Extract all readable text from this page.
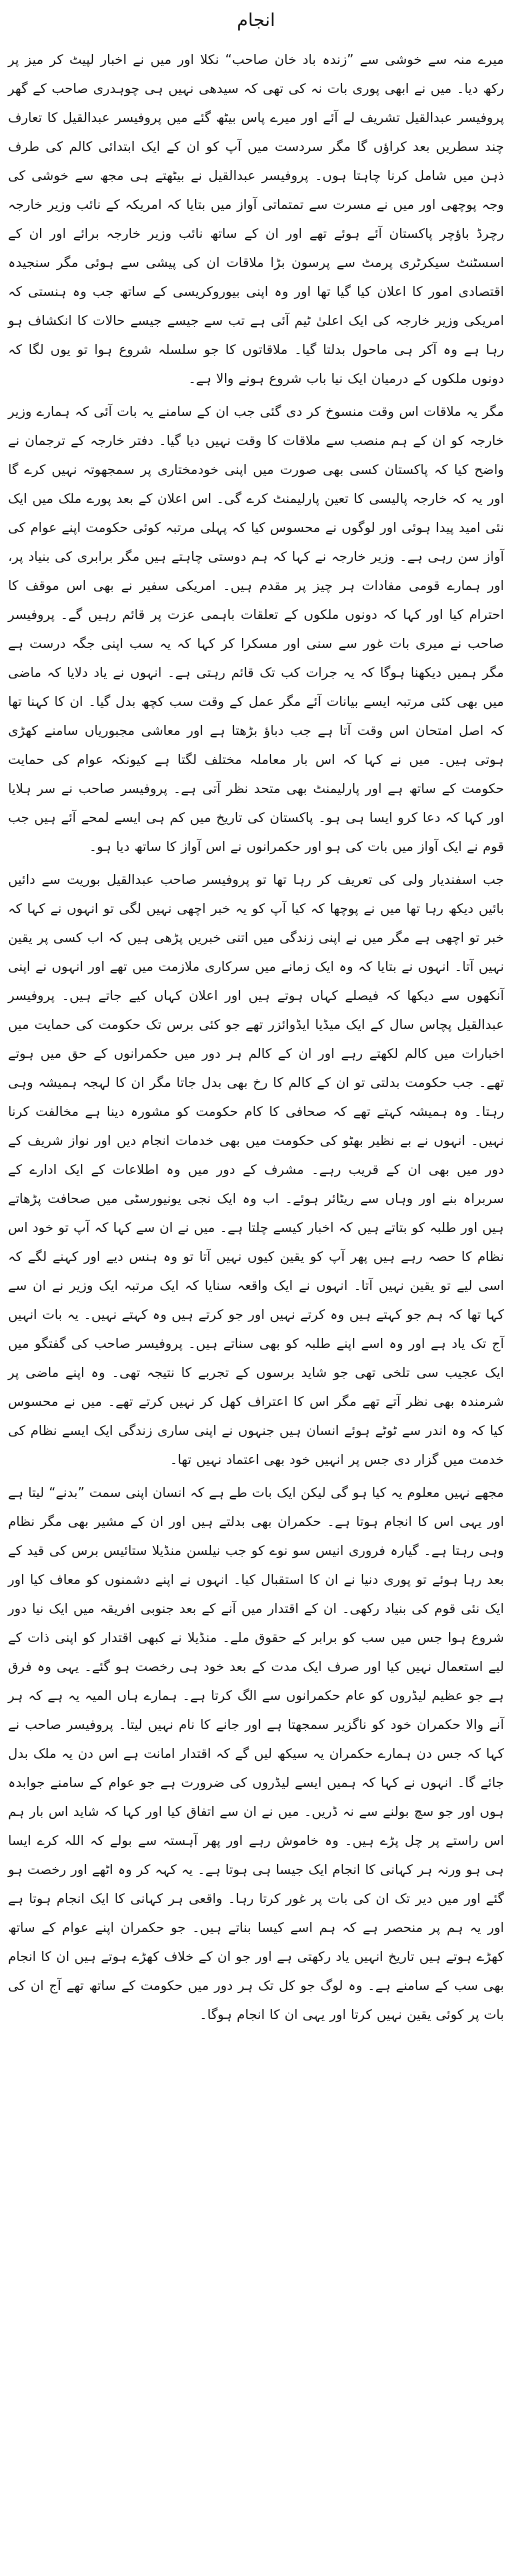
انجام

میرے منہ سے خوشی سے ”زندہ باد خان صاحب“ نکلا اور میں نے اخبار لپیٹ کر میز پر رکھ دیا۔ میں نے ابھی پوری بات نہ کی تھی کہ سیدھی نہیں ہی چوہدری صاحب کے گھر پروفیسر عبدالقیل تشریف لے آئے اور میرے پاس بیٹھ گئے میں پروفیسر عبدالقیل کا تعارف چند سطریں بعد کراؤں گا مگر سردست میں آپ کو ان کے ایک ابتدائی کالم کی طرف ذہن میں شامل کرنا چاہتا ہوں۔ پروفیسر عبدالقیل نے بیٹھتے ہی مجھ سے خوشی کی وجہ پوچھی اور میں نے مسرت سے تمتماتی آواز میں بتایا کہ امریکہ کے نائب وزیر خارجہ رچرڈ باؤچر پاکستان آئے ہوئے تھے اور ان کے ساتھ نائب وزیر خارجہ برائے اور ان کے اسسٹنٹ سیکرٹری پرمٹ سے پرسون بڑا ملاقات ان کی پیشی سے ہوئی مگر سنجیدہ اقتصادی امور کا اعلان کیا گیا تھا اور وہ اپنی بیوروکریسی کے ساتھ جب وہ ہنستی کہ امریکی وزیر خارجہ کی ایک اعلیٰ ٹیم آئی ہے تب سے جیسے جیسے حالات کا انکشاف ہو رہا ہے وہ آکر ہی ماحول بدلتا گیا۔ ملاقاتوں کا جو سلسلہ شروع ہوا تو یوں لگا کہ دونوں ملکوں کے درمیان ایک نیا باب شروع ہونے والا ہے۔

مگر یہ ملاقات اس وقت منسوخ کر دی گئی جب ان کے سامنے یہ بات آئی کہ ہمارے وزیر خارجہ کو ان کے ہم منصب سے ملاقات کا وقت نہیں دیا گیا۔ دفتر خارجہ کے ترجمان نے واضح کیا کہ پاکستان کسی بھی صورت میں اپنی خودمختاری پر سمجھوتہ نہیں کرے گا اور یہ کہ خارجہ پالیسی کا تعین پارلیمنٹ کرے گی۔ اس اعلان کے بعد پورے ملک میں ایک نئی امید پیدا ہوئی اور لوگوں نے محسوس کیا کہ پہلی مرتبہ کوئی حکومت اپنے عوام کی آواز سن رہی ہے۔ وزیر خارجہ نے کہا کہ ہم دوستی چاہتے ہیں مگر برابری کی بنیاد پر، اور ہمارے قومی مفادات ہر چیز پر مقدم ہیں۔ امریکی سفیر نے بھی اس موقف کا احترام کیا اور کہا کہ دونوں ملکوں کے تعلقات باہمی عزت پر قائم رہیں گے۔ پروفیسر صاحب نے میری بات غور سے سنی اور مسکرا کر کہا کہ یہ سب اپنی جگہ درست ہے مگر ہمیں دیکھنا ہوگا کہ یہ جرات کب تک قائم رہتی ہے۔ انہوں نے یاد دلایا کہ ماضی میں بھی کئی مرتبہ ایسے بیانات آئے مگر عمل کے وقت سب کچھ بدل گیا۔ ان کا کہنا تھا کہ اصل امتحان اس وقت آتا ہے جب دباؤ بڑھتا ہے اور معاشی مجبوریاں سامنے کھڑی ہوتی ہیں۔ میں نے کہا کہ اس بار معاملہ مختلف لگتا ہے کیونکہ عوام کی حمایت حکومت کے ساتھ ہے اور پارلیمنٹ بھی متحد نظر آتی ہے۔ پروفیسر صاحب نے سر ہلایا اور کہا کہ دعا کرو ایسا ہی ہو۔ پاکستان کی تاریخ میں کم ہی ایسے لمحے آئے ہیں جب قوم نے ایک آواز میں بات کی ہو اور حکمرانوں نے اس آواز کا ساتھ دیا ہو۔

جب اسفندیار ولی کی تعریف کر رہا تھا تو پروفیسر صاحب عبدالقیل بوریت سے دائیں بائیں دیکھ رہا تھا میں نے پوچھا کہ کیا آپ کو یہ خبر اچھی نہیں لگی تو انہوں نے کہا کہ خبر تو اچھی ہے مگر میں نے اپنی زندگی میں اتنی خبریں پڑھی ہیں کہ اب کسی پر یقین نہیں آتا۔ انہوں نے بتایا کہ وہ ایک زمانے میں سرکاری ملازمت میں تھے اور انہوں نے اپنی آنکھوں سے دیکھا کہ فیصلے کہاں ہوتے ہیں اور اعلان کہاں کیے جاتے ہیں۔ پروفیسر عبدالقیل پچاس سال کے ایک میڈیا ایڈوائزر تھے جو کئی برس تک حکومت کی حمایت میں اخبارات میں کالم لکھتے رہے اور ان کے کالم ہر دور میں حکمرانوں کے حق میں ہوتے تھے۔ جب حکومت بدلتی تو ان کے کالم کا رخ بھی بدل جاتا مگر ان کا لہجہ ہمیشہ وہی رہتا۔ وہ ہمیشہ کہتے تھے کہ صحافی کا کام حکومت کو مشورہ دینا ہے مخالفت کرنا نہیں۔ انہوں نے بے نظیر بھٹو کی حکومت میں بھی خدمات انجام دیں اور نواز شریف کے دور میں بھی ان کے قریب رہے۔ مشرف کے دور میں وہ اطلاعات کے ایک ادارے کے سربراہ بنے اور وہاں سے ریٹائر ہوئے۔ اب وہ ایک نجی یونیورسٹی میں صحافت پڑھاتے ہیں اور طلبہ کو بتاتے ہیں کہ اخبار کیسے چلتا ہے۔ میں نے ان سے کہا کہ آپ تو خود اس نظام کا حصہ رہے ہیں پھر آپ کو یقین کیوں نہیں آتا تو وہ ہنس دیے اور کہنے لگے کہ اسی لیے تو یقین نہیں آتا۔ انہوں نے ایک واقعہ سنایا کہ ایک مرتبہ ایک وزیر نے ان سے کہا تھا کہ ہم جو کہتے ہیں وہ کرتے نہیں اور جو کرتے ہیں وہ کہتے نہیں۔ یہ بات انہیں آج تک یاد ہے اور وہ اسے اپنے طلبہ کو بھی سناتے ہیں۔ پروفیسر صاحب کی گفتگو میں ایک عجیب سی تلخی تھی جو شاید برسوں کے تجربے کا نتیجہ تھی۔ وہ اپنے ماضی پر شرمندہ بھی نظر آتے تھے مگر اس کا اعتراف کھل کر نہیں کرتے تھے۔ میں نے محسوس کیا کہ وہ اندر سے ٹوٹے ہوئے انسان ہیں جنہوں نے اپنی ساری زندگی ایک ایسے نظام کی خدمت میں گزار دی جس پر انہیں خود بھی اعتماد نہیں تھا۔

مجھے نہیں معلوم یہ کیا ہو گی لیکن ایک بات طے ہے کہ انسان اپنی سمت ”بدنے“ لیتا ہے اور یہی اس کا انجام ہوتا ہے۔ حکمران بھی بدلتے ہیں اور ان کے مشیر بھی مگر نظام وہی رہتا ہے۔ گیارہ فروری انیس سو نوے کو جب نیلسن منڈیلا ستائیس برس کی قید کے بعد رہا ہوئے تو پوری دنیا نے ان کا استقبال کیا۔ انہوں نے اپنے دشمنوں کو معاف کیا اور ایک نئی قوم کی بنیاد رکھی۔ ان کے اقتدار میں آنے کے بعد جنوبی افریقہ میں ایک نیا دور شروع ہوا جس میں سب کو برابر کے حقوق ملے۔ منڈیلا نے کبھی اقتدار کو اپنی ذات کے لیے استعمال نہیں کیا اور صرف ایک مدت کے بعد خود ہی رخصت ہو گئے۔ یہی وہ فرق ہے جو عظیم لیڈروں کو عام حکمرانوں سے الگ کرتا ہے۔ ہمارے ہاں المیہ یہ ہے کہ ہر آنے والا حکمران خود کو ناگزیر سمجھتا ہے اور جانے کا نام نہیں لیتا۔ پروفیسر صاحب نے کہا کہ جس دن ہمارے حکمران یہ سیکھ لیں گے کہ اقتدار امانت ہے اس دن یہ ملک بدل جائے گا۔ انہوں نے کہا کہ ہمیں ایسے لیڈروں کی ضرورت ہے جو عوام کے سامنے جوابدہ ہوں اور جو سچ بولنے سے نہ ڈریں۔ میں نے ان سے اتفاق کیا اور کہا کہ شاید اس بار ہم اس راستے پر چل پڑے ہیں۔ وہ خاموش رہے اور پھر آہستہ سے بولے کہ اللہ کرے ایسا ہی ہو ورنہ ہر کہانی کا انجام ایک جیسا ہی ہوتا ہے۔ یہ کہہ کر وہ اٹھے اور رخصت ہو گئے اور میں دیر تک ان کی بات پر غور کرتا رہا۔ واقعی ہر کہانی کا ایک انجام ہوتا ہے اور یہ ہم پر منحصر ہے کہ ہم اسے کیسا بناتے ہیں۔ جو حکمران اپنے عوام کے ساتھ کھڑے ہوتے ہیں تاریخ انہیں یاد رکھتی ہے اور جو ان کے خلاف کھڑے ہوتے ہیں ان کا انجام بھی سب کے سامنے ہے۔ وہ لوگ جو کل تک ہر دور میں حکومت کے ساتھ تھے آج ان کی بات پر کوئی یقین نہیں کرتا اور یہی ان کا انجام ہوگا۔
